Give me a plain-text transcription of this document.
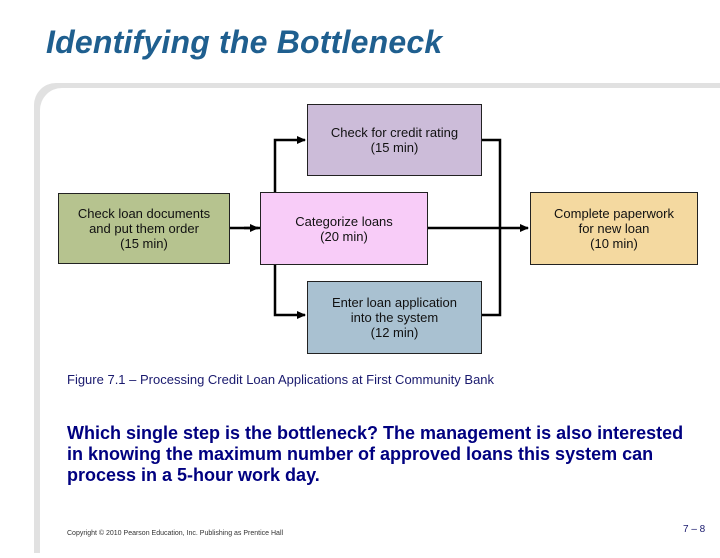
Identifying the Bottleneck
Check loan documents
and put them order
(15 min)
Check for credit rating
(15 min)
Categorize loans
(20 min)
Complete paperwork
for new loan
(10 min)
Enter loan application
into the system
(12 min)
Figure 7.1 – Processing Credit Loan Applications at First Community Bank
Which single step is the bottleneck? The management is also interested in knowing the maximum number of approved loans this system can process in a 5-hour work day.
Copyright © 2010 Pearson Education, Inc. Publishing as Prentice Hall	7 – 8
